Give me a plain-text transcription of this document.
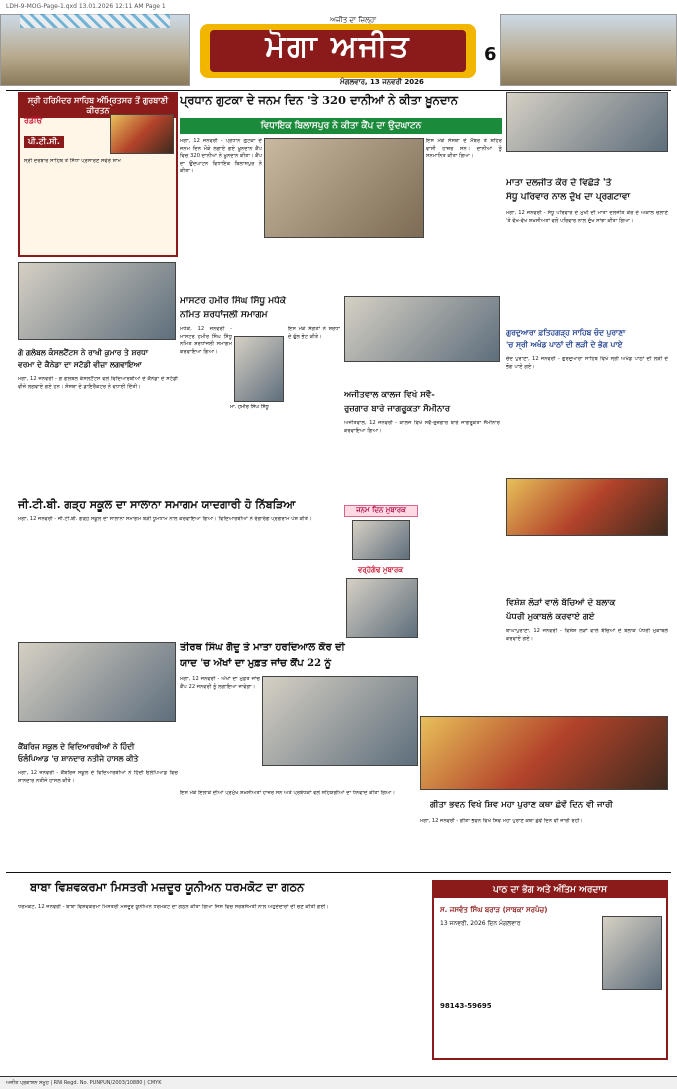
LDH-9-MOG-Page-1.qxd 13.01.2026 12:11 AM Page 1
ਮੋਗਾ ਅਜੀਤ
ਅਜੀਤ ਦਾ ਜ਼ਿਲ੍ਹਾ
ਮੰਗਲਵਾਰ, 13 ਜਨਵਰੀ 2026
6
ਸ੍ਰੀ ਹਰਿਮੰਦਰ ਸਾਹਿਬ ਅੰਮ੍ਰਿਤਸਰ ਤੋਂ ਗੁਰਬਾਣੀ ਕੀਰਤਨ
ਰੇਡੀਓ
ਪੀ.ਟੀ.ਸੀ.
ਸ੍ਰੀ ਦਰਬਾਰ ਸਾਹਿਬ ਤੋਂ ਸਿੱਧਾ ਪ੍ਰਸਾਰਣ ਸਵੇਰੇ ਸ਼ਾਮ
ਪ੍ਰਧਾਨ ਗੁਟਕਾ ਦੇ ਜਨਮ ਦਿਨ 'ਤੇ 320 ਦਾਨੀਆਂ ਨੇ ਕੀਤਾ ਖ਼ੂਨਦਾਨ
ਵਿਧਾਇਕ ਬਿਲਾਸਪੁਰ ਨੇ ਕੀਤਾ ਕੈਂਪ ਦਾ ਉਦਘਾਟਨ
ਮਾਤਾ ਦਲਜੀਤ ਕੌਰ ਦੇ ਵਿਛੋੜੇ 'ਤੇ
ਸੰਧੂ ਪਰਿਵਾਰ ਨਾਲ ਦੁੱਖ ਦਾ ਪ੍ਰਗਟਾਵਾ
ਮੋਗਾ, 12 ਜਨਵਰੀ - ਸੰਧੂ ਪਰਿਵਾਰ ਦੇ ਮੁਖੀ ਦੀ ਮਾਤਾ ਦਲਜੀਤ ਕੌਰ ਦੇ ਅਕਾਲ ਚਲਾਣੇ 'ਤੇ ਵੱਖ-ਵੱਖ ਸ਼ਖ਼ਸੀਅਤਾਂ ਵਲੋਂ ਪਰਿਵਾਰ ਨਾਲ ਦੁੱਖ ਸਾਂਝਾ ਕੀਤਾ ਗਿਆ।
ਮੋਗਾ, 12 ਜਨਵਰੀ - ਪ੍ਰਧਾਨ ਗੁਟਕਾ ਦੇ ਜਨਮ ਦਿਨ ਮੌਕੇ ਲਗਾਏ ਗਏ ਖ਼ੂਨਦਾਨ ਕੈਂਪ ਵਿਚ 320 ਦਾਨੀਆਂ ਨੇ ਖ਼ੂਨਦਾਨ ਕੀਤਾ। ਕੈਂਪ ਦਾ ਉਦਘਾਟਨ ਵਿਧਾਇਕ ਬਿਲਾਸਪੁਰ ਨੇ ਕੀਤਾ।
ਇਸ ਮੌਕੇ ਸੰਸਥਾ ਦੇ ਮੈਂਬਰ ਤੇ ਸ਼ਹਿਰ ਵਾਸੀ ਹਾਜ਼ਰ ਸਨ। ਦਾਨੀਆਂ ਨੂੰ ਸਨਮਾਨਿਤ ਕੀਤਾ ਗਿਆ।
ਗੋ ਗਲੋਬਲ ਕੰਸਲਟੈਂਟਸ ਨੇ ਰਾਖੀ ਕੁਮਾਰ ਤੇ ਸ਼ਰਧਾ
ਵਰਮਾ ਦੇ ਕੈਨੇਡਾ ਦਾ ਸਟੱਡੀ ਵੀਜ਼ਾ ਲਗਵਾਇਆ
ਮੋਗਾ, 12 ਜਨਵਰੀ - ਗੋ ਗਲੋਬਲ ਕੰਸਲਟੈਂਟਸ ਵਲੋਂ ਵਿਦਿਆਰਥੀਆਂ ਦੇ ਕੈਨੇਡਾ ਦੇ ਸਟੱਡੀ ਵੀਜ਼ੇ ਲਗਵਾਏ ਗਏ ਹਨ। ਸੰਸਥਾ ਦੇ ਡਾਇਰੈਕਟਰ ਨੇ ਵਧਾਈ ਦਿੱਤੀ।
ਮਾਸਟਰ ਹਮੀਰ ਸਿੰਘ ਸਿੱਧੂ ਮਧੇਕੇ
ਨਮਿਤ ਸ਼ਰਧਾਂਜਲੀ ਸਮਾਗਮ
ਮਧੇਕੇ, 12 ਜਨਵਰੀ - ਮਾਸਟਰ ਹਮੀਰ ਸਿੰਘ ਸਿੱਧੂ ਨਮਿਤ ਸ਼ਰਧਾਂਜਲੀ ਸਮਾਗਮ ਕਰਵਾਇਆ ਗਿਆ।
ਮਾ. ਹਮੀਰ ਸਿੰਘ ਸਿੱਧੂ
ਇਸ ਮੌਕੇ ਸੰਗਤਾਂ ਨੇ ਸ਼ਰਧਾ ਦੇ ਫੁੱਲ ਭੇਟ ਕੀਤੇ।
ਅਜੀਤਵਾਲ ਕਾਲਜ ਵਿਖੇ ਸਵੈ-
ਰੁਜ਼ਗਾਰ ਬਾਰੇ ਜਾਗਰੂਕਤਾ ਸੈਮੀਨਾਰ
ਅਜੀਤਵਾਲ, 12 ਜਨਵਰੀ - ਕਾਲਜ ਵਿਖੇ ਸਵੈ-ਰੁਜ਼ਗਾਰ ਬਾਰੇ ਜਾਗਰੂਕਤਾ ਸੈਮੀਨਾਰ ਕਰਵਾਇਆ ਗਿਆ।
ਗੁਰਦੁਆਰਾ ਫ਼ਤਿਹਗੜ੍ਹ ਸਾਹਿਬ ਚੰਦ ਪੁਰਾਣਾ
'ਚ ਸ੍ਰੀ ਅਖੰਡ ਪਾਠਾਂ ਦੀ ਲੜੀ ਦੇ ਭੋਗ ਪਾਏ
ਚੰਦ ਪੁਰਾਣਾ, 12 ਜਨਵਰੀ - ਗੁਰਦੁਆਰਾ ਸਾਹਿਬ ਵਿਖੇ ਸ੍ਰੀ ਅਖੰਡ ਪਾਠਾਂ ਦੀ ਲੜੀ ਦੇ ਭੋਗ ਪਾਏ ਗਏ।
ਜੀ.ਟੀ.ਬੀ. ਗੜ੍ਹ ਸਕੂਲ ਦਾ ਸਾਲਾਨਾ ਸਮਾਗਮ ਯਾਦਗਾਰੀ ਹੋ ਨਿੱਬੜਿਆ
ਮੋਗਾ, 12 ਜਨਵਰੀ - ਜੀ.ਟੀ.ਬੀ. ਗੜ੍ਹ ਸਕੂਲ ਦਾ ਸਾਲਾਨਾ ਸਮਾਗਮ ਬੜੀ ਧੂਮਧਾਮ ਨਾਲ ਕਰਵਾਇਆ ਗਿਆ। ਵਿਦਿਆਰਥੀਆਂ ਨੇ ਰੰਗਾਰੰਗ ਪ੍ਰੋਗਰਾਮ ਪੇਸ਼ ਕੀਤੇ।
ਜਨਮ ਦਿਨ ਮੁਬਾਰਕ
ਵਰ੍ਹੇਗੰਢ ਮੁਬਾਰਕ
ਵਿਸ਼ੇਸ਼ ਲੋੜਾਂ ਵਾਲੇ ਬੱਚਿਆਂ ਦੇ ਬਲਾਕ
ਪੱਧਰੀ ਮੁਕਾਬਲੇ ਕਰਵਾਏ ਗਏ
ਬਾਘਾਪੁਰਾਣਾ, 12 ਜਨਵਰੀ - ਵਿਸ਼ੇਸ਼ ਲੋੜਾਂ ਵਾਲੇ ਬੱਚਿਆਂ ਦੇ ਬਲਾਕ ਪੱਧਰੀ ਮੁਕਾਬਲੇ ਕਰਵਾਏ ਗਏ।
ਤੀਰਥ ਸਿੰਘ ਗੈਦੂ ਤੇ ਮਾਤਾ ਹਰਦਿਆਲ ਕੌਰ ਦੀ
ਯਾਦ 'ਚ ਅੱਖਾਂ ਦਾ ਮੁਫ਼ਤ ਜਾਂਚ ਕੈਂਪ 22 ਨੂੰ
ਮੋਗਾ, 12 ਜਨਵਰੀ - ਅੱਖਾਂ ਦਾ ਮੁਫ਼ਤ ਜਾਂਚ ਕੈਂਪ 22 ਜਨਵਰੀ ਨੂੰ ਲਗਾਇਆ ਜਾਵੇਗਾ।
ਕੈਂਬਰਿਜ ਸਕੂਲ ਦੇ ਵਿਦਿਆਰਥੀਆਂ ਨੇ ਹਿੰਦੀ
ਓਲੰਪਿਆਡ 'ਚ ਸ਼ਾਨਦਾਰ ਨਤੀਜੇ ਹਾਸਲ ਕੀਤੇ
ਮੋਗਾ, 12 ਜਨਵਰੀ - ਕੈਂਬਰਿਜ ਸਕੂਲ ਦੇ ਵਿਦਿਆਰਥੀਆਂ ਨੇ ਹਿੰਦੀ ਓਲੰਪਿਆਡ ਵਿਚ ਸ਼ਾਨਦਾਰ ਨਤੀਜੇ ਹਾਸਲ ਕੀਤੇ।
ਗੀਤਾ ਭਵਨ ਵਿਖੇ ਸ਼ਿਵ ਮਹਾ ਪੁਰਾਣ ਕਥਾ ਛੇਵੇਂ ਦਿਨ ਵੀ ਜਾਰੀ
ਮੋਗਾ, 12 ਜਨਵਰੀ - ਗੀਤਾ ਭਵਨ ਵਿਖੇ ਸ਼ਿਵ ਮਹਾ ਪੁਰਾਣ ਕਥਾ ਛੇਵੇਂ ਦਿਨ ਵੀ ਜਾਰੀ ਰਹੀ।
ਇਸ ਮੌਕੇ ਇਲਾਕੇ ਦੀਆਂ ਪ੍ਰਮੁੱਖ ਸ਼ਖ਼ਸੀਅਤਾਂ ਹਾਜ਼ਰ ਸਨ ਅਤੇ ਪ੍ਰਬੰਧਕਾਂ ਵਲੋਂ ਸਹਿਯੋਗੀਆਂ ਦਾ ਧੰਨਵਾਦ ਕੀਤਾ ਗਿਆ।
ਬਾਬਾ ਵਿਸ਼ਵਕਰਮਾ ਮਿਸਤਰੀ ਮਜ਼ਦੂਰ ਯੂਨੀਅਨ ਧਰਮਕੋਟ ਦਾ ਗਠਨ
ਧਰਮਕੋਟ, 12 ਜਨਵਰੀ - ਬਾਬਾ ਵਿਸ਼ਵਕਰਮਾ ਮਿਸਤਰੀ ਮਜ਼ਦੂਰ ਯੂਨੀਅਨ ਧਰਮਕੋਟ ਦਾ ਗਠਨ ਕੀਤਾ ਗਿਆ ਜਿਸ ਵਿਚ ਸਰਬਸੰਮਤੀ ਨਾਲ ਅਹੁਦੇਦਾਰਾਂ ਦੀ ਚੋਣ ਕੀਤੀ ਗਈ।
ਪਾਠ ਦਾ ਭੋਗ ਅਤੇ ਅੰਤਿਮ ਅਰਦਾਸ
ਸ. ਜਸਵੰਤ ਸਿੰਘ ਬਰਾੜ (ਸਾਬਕਾ ਸਰਪੰਚ)
13 ਜਨਵਰੀ, 2026 ਦਿਨ ਮੰਗਲਵਾਰ
98143-59695
ਅਜੀਤ ਪ੍ਰਕਾਸ਼ਨ ਸਮੂਹ | RNI Regd. No. PUNPUN/2003/10880 | CMYK
